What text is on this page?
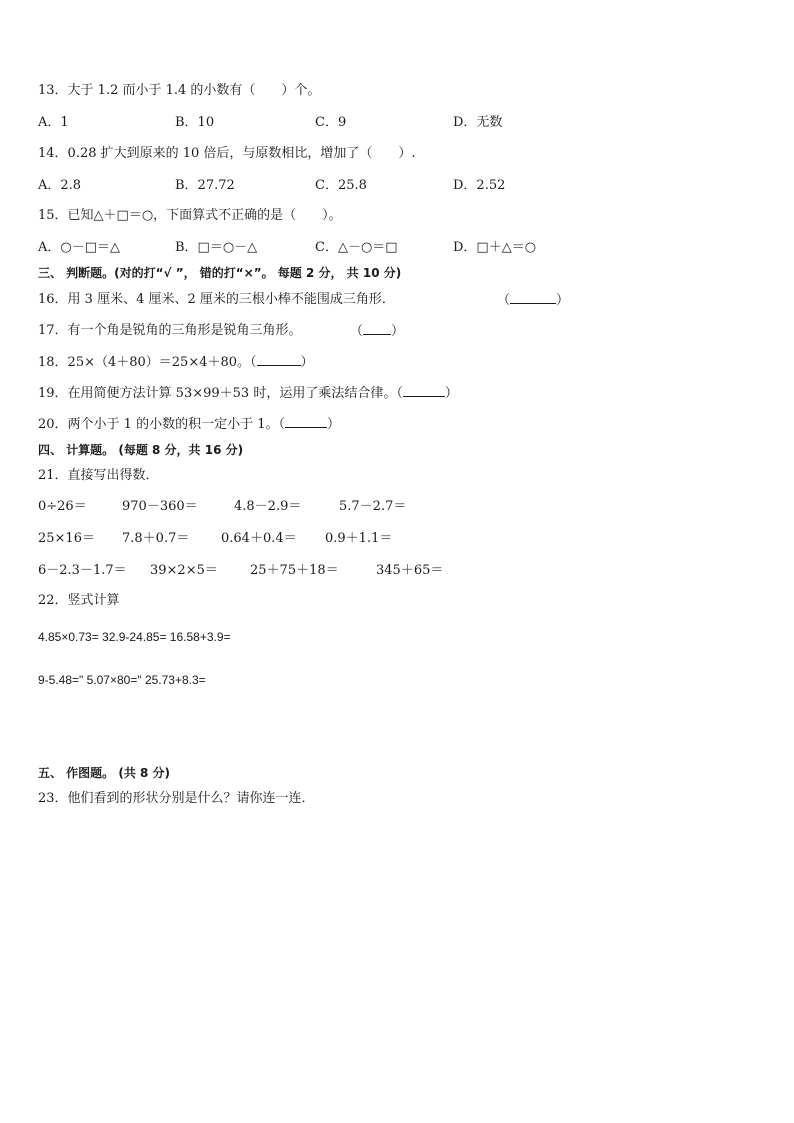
13．大于 1.2 而小于 1.4 的小数有（　　）个。
A．1	B．10	C．9	D．无数
14．0.28 扩大到原来的 10 倍后，与原数相比，增加了（　　）.
A．2.8	B．27.72	C．25.8	D．2.52
15．已知△＋□＝○，下面算式不正确的是（　　）。
A．○－□＝△	B．□＝○－△	C．△－○＝□	D．□＋△＝○
三、 判断题。(对的打“√ ”， 错的打“×”。 每题 2 分， 共 10 分)
16．用 3 厘米、4 厘米、2 厘米的三根小棒不能围成三角形．	（	）
17．有一个角是锐角的三角形是锐角三角形。	（ ）
18．25×（4＋80）＝25×4＋80。（	）
19．在用简便方法计算 53×99＋53 时，运用了乘法结合律。（	）
20．两个小于 1 的小数的积一定小于 1。（	）
四、 计算题。 (每题 8 分，共 16 分)
21．直接写出得数．
0÷26＝	970－360＝	4.8－2.9＝	5.7－2.7＝
25×16＝ 7.8＋0.7＝ 0.64＋0.4＝ 0.9＋1.1＝
6－2.3－1.7＝ 39×2×5＝ 25＋75＋18＝	345＋65＝
22．竖式计算
4.85×0.73= 32.9-24.85= 16.58+3.9=
9-5.48=" 5.07×80=" 25.73+8.3=
五、 作图题。 (共 8 分)
23．他们看到的形状分别是什么？请你连一连．
